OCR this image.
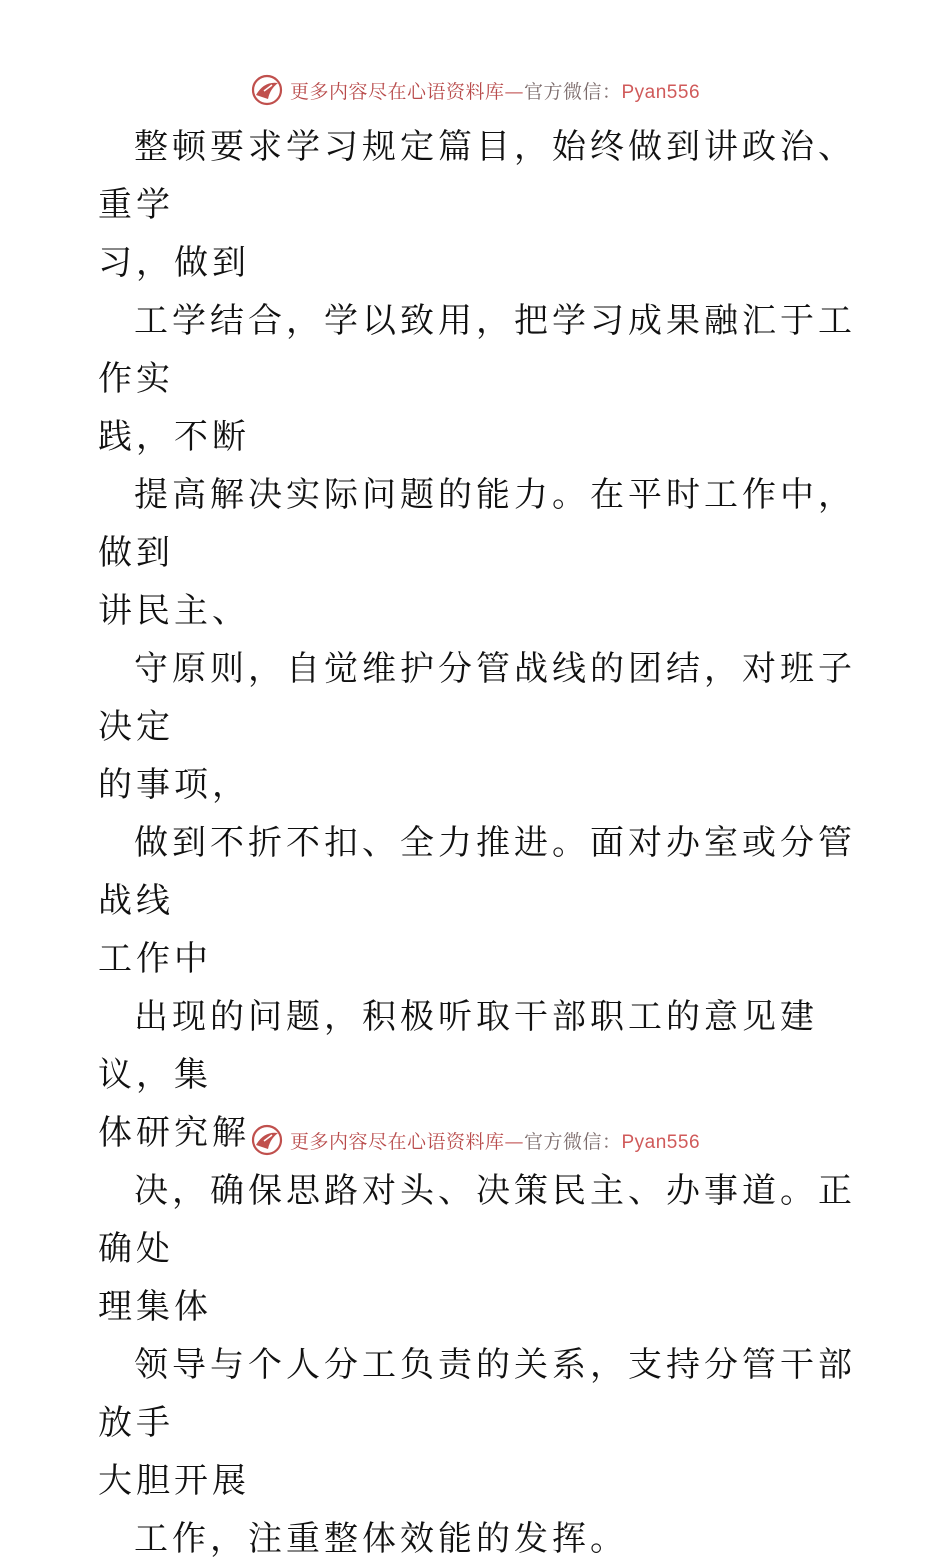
更多内容尽在心语资料库—官方微信：Pyan556

整顿要求学习规定篇目，始终做到讲政治、重学

习，做到

工学结合，学以致用，把学习成果融汇于工作实

践，不断

提高解决实际问题的能力。在平时工作中，做到

讲民主、

守原则，自觉维护分管战线的团结，对班子决定

的事项，

做到不折不扣、全力推进。面对办室或分管战线

工作中

出现的问题，积极听取干部职工的意见建议，集

体研究解

决，确保思路对头、决策民主、办事道。正确处

理集体

领导与个人分工负责的关系，支持分管干部放手

大胆开展

工作，注重整体效能的发挥。

更多内容尽在心语资料库—官方微信：Pyan556
